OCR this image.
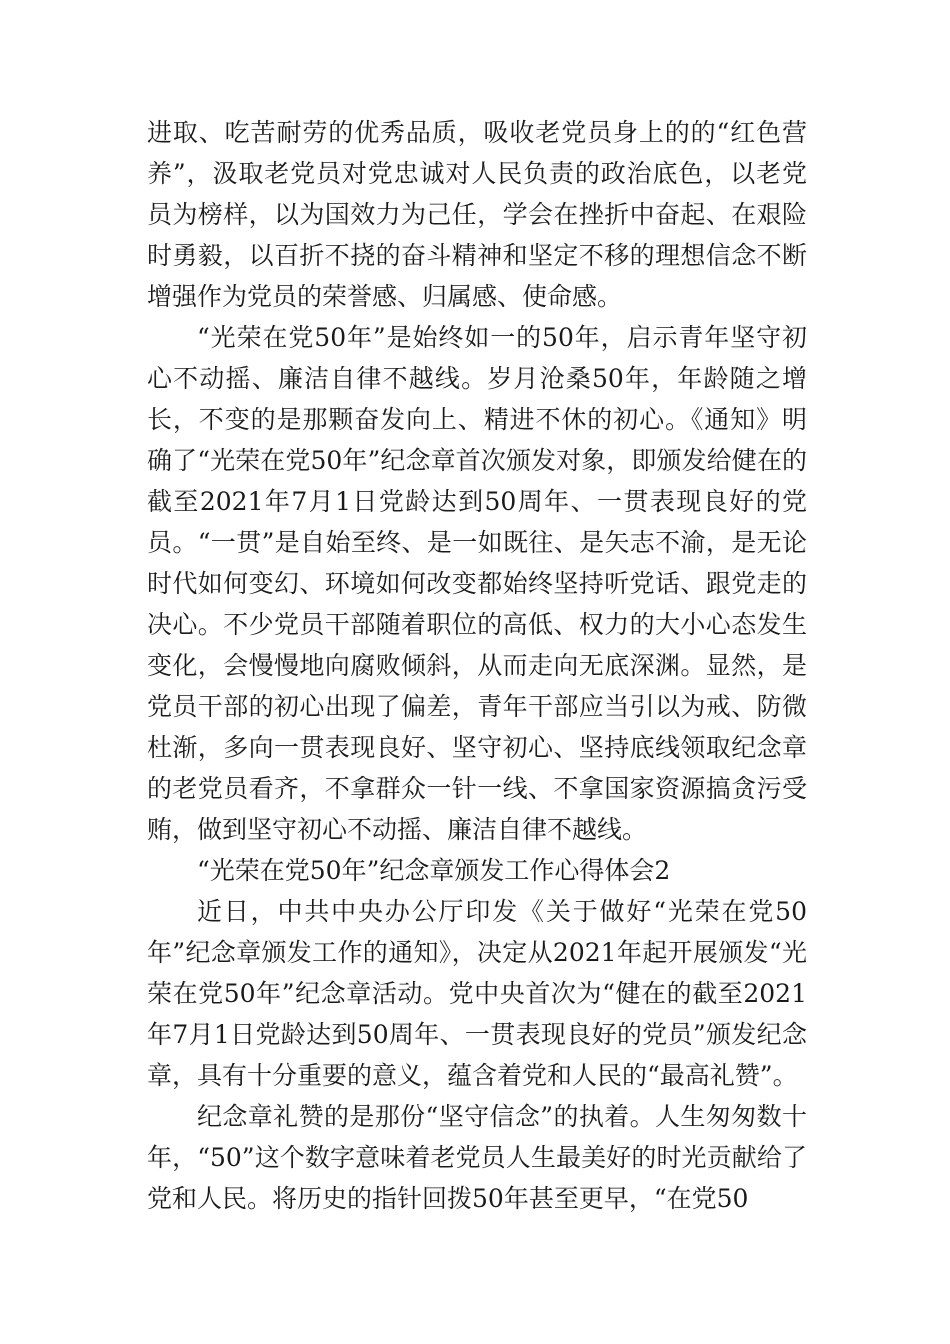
进取、吃苦耐劳的优秀品质，吸收老党员身上的的“红色营养”，汲取老党员对党忠诚对人民负责的政治底色，以老党员为榜样，以为国效力为己任，学会在挫折中奋起、在艰险时勇毅，以百折不挠的奋斗精神和坚定不移的理想信念不断增强作为党员的荣誉感、归属感、使命感。

“光荣在党50年”是始终如一的50年，启示青年坚守初心不动摇、廉洁自律不越线。岁月沧桑50年，年龄随之增长，不变的是那颗奋发向上、精进不休的初心。《通知》明确了“光荣在党50年”纪念章首次颁发对象，即颁发给健在的截至2021年7月1日党龄达到50周年、一贯表现良好的党员。“一贯”是自始至终、是一如既往、是矢志不渝，是无论时代如何变幻、环境如何改变都始终坚持听党话、跟党走的决心。不少党员干部随着职位的高低、权力的大小心态发生变化，会慢慢地向腐败倾斜，从而走向无底深渊。显然，是党员干部的初心出现了偏差，青年干部应当引以为戒、防微杜渐，多向一贯表现良好、坚守初心、坚持底线领取纪念章的老党员看齐，不拿群众一针一线、不拿国家资源搞贪污受贿，做到坚守初心不动摇、廉洁自律不越线。

“光荣在党50年”纪念章颁发工作心得体会2

近日，中共中央办公厅印发《关于做好“光荣在党50年”纪念章颁发工作的通知》，决定从2021年起开展颁发“光荣在党50年”纪念章活动。党中央首次为“健在的截至2021年7月1日党龄达到50周年、一贯表现良好的党员”颁发纪念章，具有十分重要的意义，蕴含着党和人民的“最高礼赞”。

纪念章礼赞的是那份“坚守信念”的执着。人生匆匆数十年，“50”这个数字意味着老党员人生最美好的时光贡献给了党和人民。将历史的指针回拨50年甚至更早，“在党50
